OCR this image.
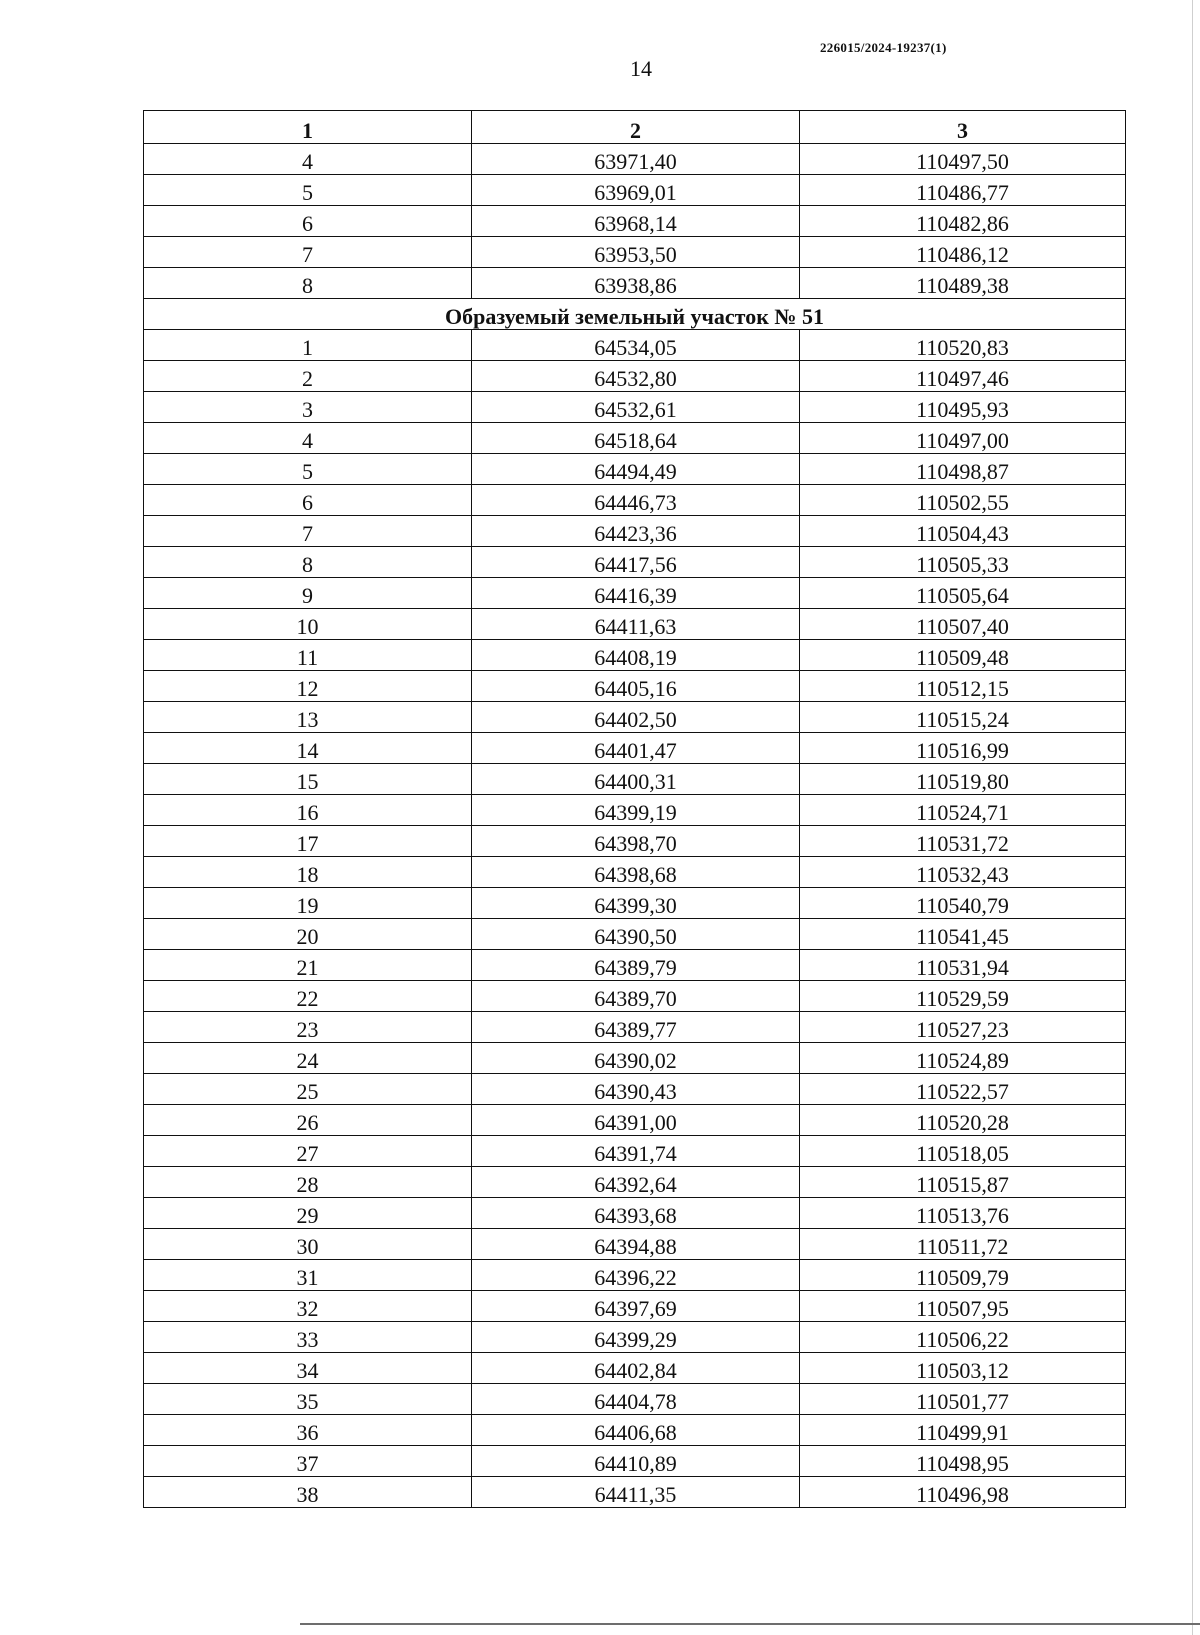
226015/2024-19237(1)
14
1	2	3
4	63971,40	110497,50
5	63969,01	110486,77
6	63968,14	110482,86
7	63953,50	110486,12
8	63938,86	110489,38
Образуемый земельный участок № 51		
1	64534,05	110520,83
2	64532,80	110497,46
3	64532,61	110495,93
4	64518,64	110497,00
5	64494,49	110498,87
6	64446,73	110502,55
7	64423,36	110504,43
8	64417,56	110505,33
9	64416,39	110505,64
10	64411,63	110507,40
11	64408,19	110509,48
12	64405,16	110512,15
13	64402,50	110515,24
14	64401,47	110516,99
15	64400,31	110519,80
16	64399,19	110524,71
17	64398,70	110531,72
18	64398,68	110532,43
19	64399,30	110540,79
20	64390,50	110541,45
21	64389,79	110531,94
22	64389,70	110529,59
23	64389,77	110527,23
24	64390,02	110524,89
25	64390,43	110522,57
26	64391,00	110520,28
27	64391,74	110518,05
28	64392,64	110515,87
29	64393,68	110513,76
30	64394,88	110511,72
31	64396,22	110509,79
32	64397,69	110507,95
33	64399,29	110506,22
34	64402,84	110503,12
35	64404,78	110501,77
36	64406,68	110499,91
37	64410,89	110498,95
38	64411,35	110496,98
